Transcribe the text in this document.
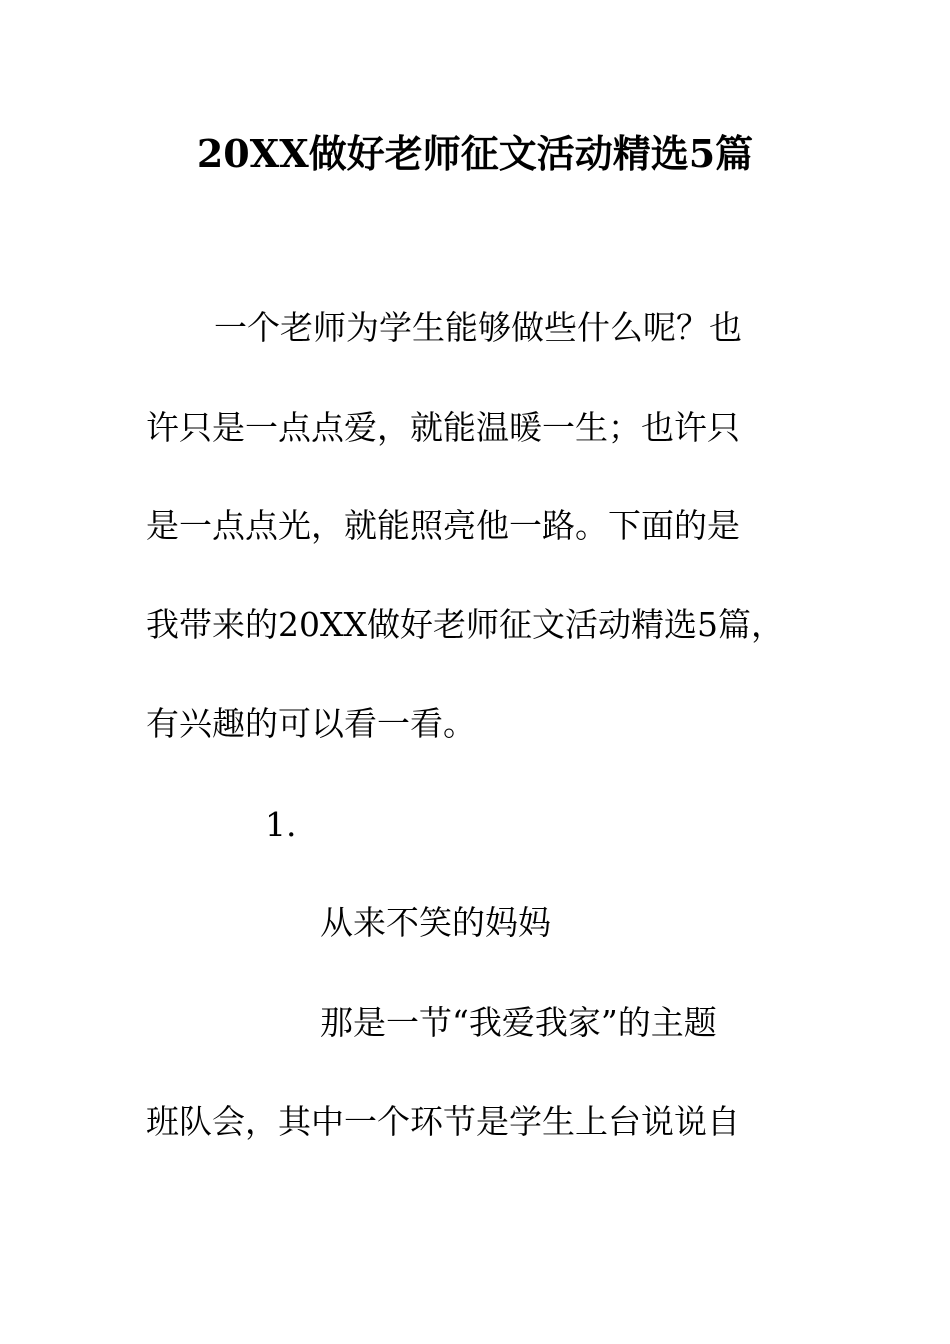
20XX做好老师征文活动精选5篇
一个老师为学生能够做些什么呢？也
许只是一点点爱，就能温暖一生；也许只
是一点点光，就能照亮他一路。下面的是
我带来的20XX做好老师征文活动精选5篇，
有兴趣的可以看一看。
1.
从来不笑的妈妈
那是一节“我爱我家”的主题
班队会，其中一个环节是学生上台说说自
